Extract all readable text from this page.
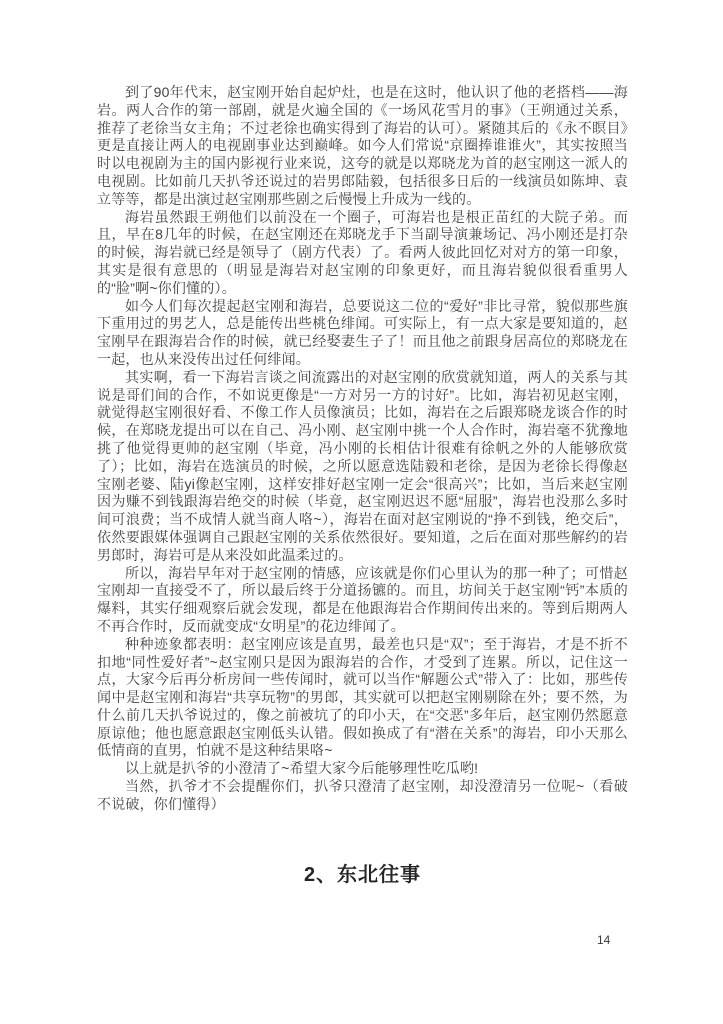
到了90年代末，赵宝刚开始自起炉灶，也是在这时，他认识了他的老搭档——海岩。两人合作的第一部剧，就是火遍全国的《一场风花雪月的事》（王朔通过关系，推荐了老徐当女主角；不过老徐也确实得到了海岩的认可）。紧随其后的《永不瞑目》更是直接让两人的电视剧事业达到巅峰。如今人们常说“京圈捧谁谁火”，其实按照当时以电视剧为主的国内影视行业来说，这夸的就是以郑晓龙为首的赵宝刚这一派人的电视剧。比如前几天扒爷还说过的岩男郎陆毅，包括很多日后的一线演员如陈坤、袁立等等，都是出演过赵宝刚那些剧之后慢慢上升成为一线的。

海岩虽然跟王朔他们以前没在一个圈子，可海岩也是根正苗红的大院子弟。而且，早在8几年的时候，在赵宝刚还在郑晓龙手下当副导演兼场记、冯小刚还是打杂的时候，海岩就已经是领导了（剧方代表）了。看两人彼此回忆对对方的第一印象，其实是很有意思的（明显是海岩对赵宝刚的印象更好，而且海岩貌似很看重男人的“脸”啊~你们懂的）。

如今人们每次提起赵宝刚和海岩，总要说这二位的“爱好”非比寻常，貌似那些旗下重用过的男艺人，总是能传出些桃色绯闻。可实际上，有一点大家是要知道的，赵宝刚早在跟海岩合作的时候，就已经娶妻生子了！而且他之前跟身居高位的郑晓龙在一起，也从来没传出过任何绯闻。

其实啊，看一下海岩言谈之间流露出的对赵宝刚的欣赏就知道，两人的关系与其说是哥们间的合作，不如说更像是“一方对另一方的讨好”。比如，海岩初见赵宝刚，就觉得赵宝刚很好看、不像工作人员像演员；比如，海岩在之后跟郑晓龙谈合作的时候，在郑晓龙提出可以在自己、冯小刚、赵宝刚中挑一个人合作时，海岩毫不犹豫地挑了他觉得更帅的赵宝刚（毕竟，冯小刚的长相估计很难有徐帆之外的人能够欣赏了）；比如，海岩在选演员的时候，之所以愿意选陆毅和老徐，是因为老徐长得像赵宝刚老婆、陆yi像赵宝刚，这样安排好赵宝刚一定会“很高兴”；比如，当后来赵宝刚因为赚不到钱跟海岩绝交的时候（毕竟，赵宝刚迟迟不愿“屈服”，海岩也没那么多时间可浪费；当不成情人就当商人咯~），海岩在面对赵宝刚说的“挣不到钱，绝交后”，依然要跟媒体强调自己跟赵宝刚的关系依然很好。要知道，之后在面对那些解约的岩男郎时，海岩可是从来没如此温柔过的。

所以，海岩早年对于赵宝刚的情感，应该就是你们心里认为的那一种了；可惜赵宝刚却一直接受不了，所以最后终于分道扬镳的。而且，坊间关于赵宝刚“钙”本质的爆料，其实仔细观察后就会发现，都是在他跟海岩合作期间传出来的。等到后期两人不再合作时，反而就变成“女明星”的花边绯闻了。

种种迹象都表明：赵宝刚应该是直男，最差也只是“双”；至于海岩，才是不折不扣地“同性爱好者”~赵宝刚只是因为跟海岩的合作，才受到了连累。所以，记住这一点，大家今后再分析房间一些传闻时，就可以当作“解题公式”带入了：比如，那些传闻中是赵宝刚和海岩“共享玩物”的男郎，其实就可以把赵宝刚剔除在外；要不然，为什么前几天扒爷说过的，像之前被坑了的印小天，在“交恶”多年后，赵宝刚仍然愿意原谅他；他也愿意跟赵宝刚低头认错。假如换成了有“潜在关系”的海岩，印小天那么低情商的直男，怕就不是这种结果咯~

以上就是扒爷的小澄清了~希望大家今后能够理性吃瓜哟!

当然，扒爷才不会提醒你们，扒爷只澄清了赵宝刚，却没澄清另一位呢~（看破不说破，你们懂得）

2、东北往事
14
